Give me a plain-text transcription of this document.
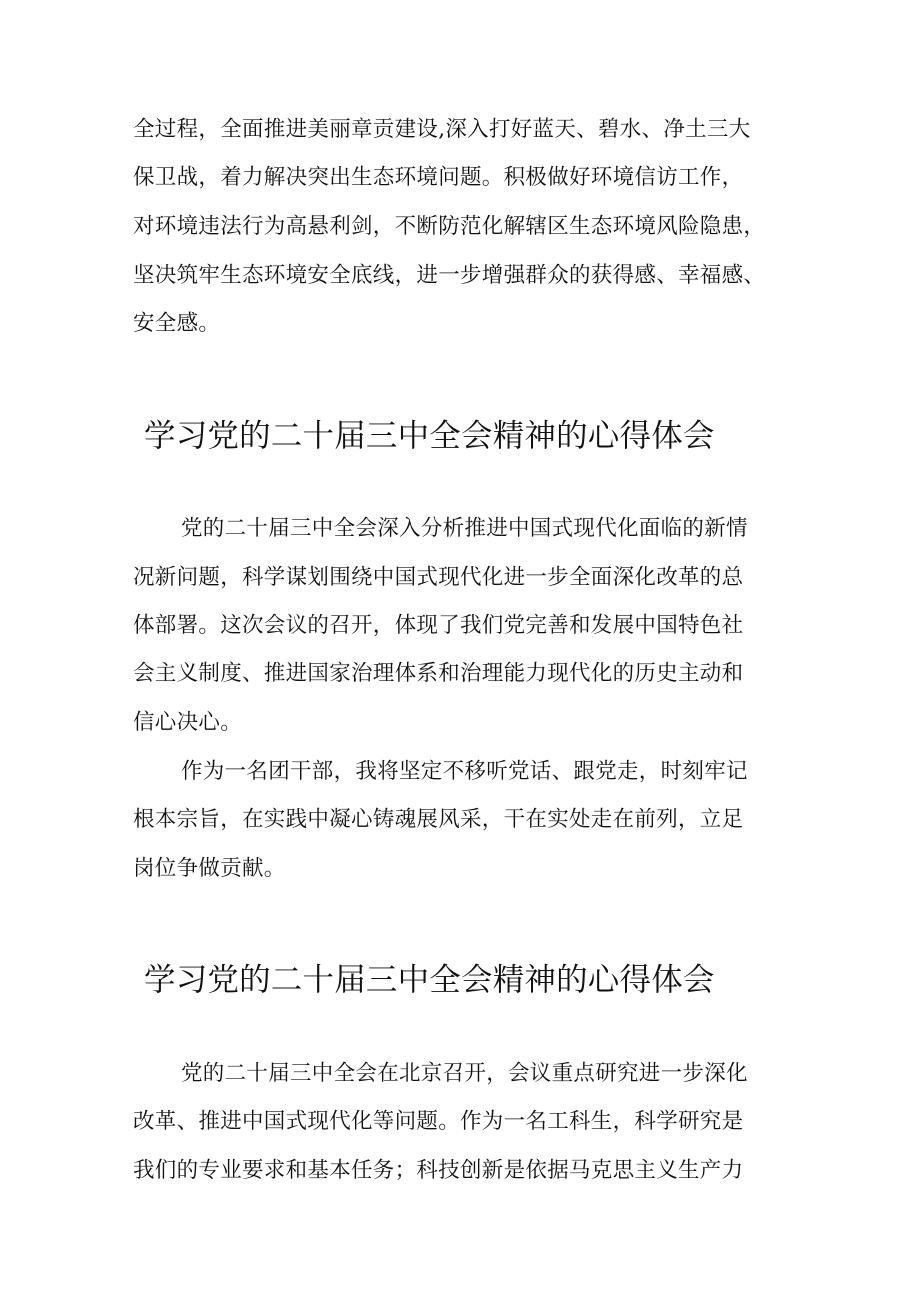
全过程，全面推进美丽章贡建设,深入打好蓝天、碧水、净土三大

保卫战，着力解决突出生态环境问题。积极做好环境信访工作，

对环境违法行为高悬利剑，不断防范化解辖区生态环境风险隐患，

坚决筑牢生态环境安全底线，进一步增强群众的获得感、幸福感、

安全感。

学习党的二十届三中全会精神的心得体会

党的二十届三中全会深入分析推进中国式现代化面临的新情

况新问题，科学谋划围绕中国式现代化进一步全面深化改革的总

体部署。这次会议的召开，体现了我们党完善和发展中国特色社

会主义制度、推进国家治理体系和治理能力现代化的历史主动和

信心决心。

作为一名团干部，我将坚定不移听党话、跟党走，时刻牢记

根本宗旨，在实践中凝心铸魂展风采，干在实处走在前列，立足

岗位争做贡献。

学习党的二十届三中全会精神的心得体会

党的二十届三中全会在北京召开，会议重点研究进一步深化

改革、推进中国式现代化等问题。作为一名工科生，科学研究是

我们的专业要求和基本任务；科技创新是依据马克思主义生产力
